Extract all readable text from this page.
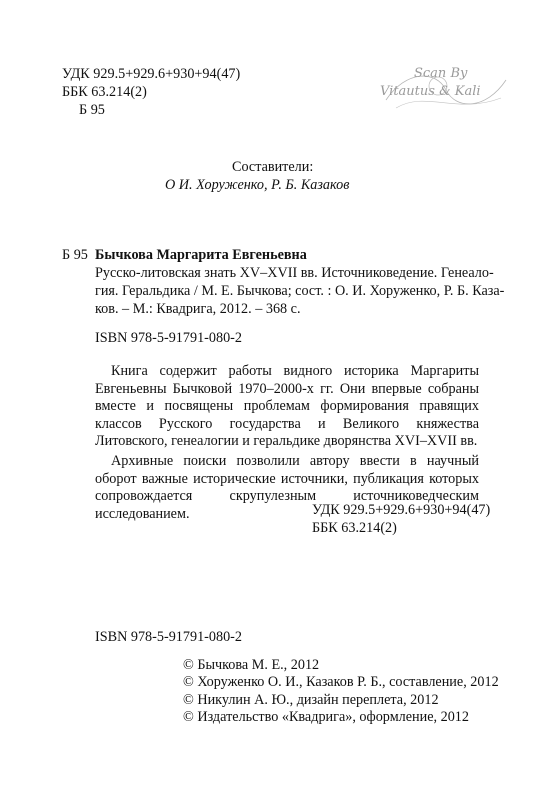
УДК 929.5+929.6+930+94(47)
ББК 63.214(2)
Б 95
Scan By
Vitautus & Kali
Составители:
О И. Хоруженко, Р. Б. Казаков
Б 95 Бычкова Маргарита Евгеньевна
Русско-литовская знать XV–XVII вв. Источниковедение. Генеало-
гия. Геральдика / М. Е. Бычкова; сост. : О. И. Хоруженко, Р. Б. Каза-
ков. – М.: Квадрига, 2012. – 368 с.
ISBN 978-5-91791-080-2

Книга содержит работы видного историка Маргариты Евгеньевны Бычковой 1970–2000-х гг. Они впервые собраны вместе и посвящены проблемам формирования правящих классов Русского государства и Великого княжества Литовского, генеалогии и геральдике дворянства XVI–XVII вв.

Архивные поиски позволили автору ввести в научный оборот важные исторические источники, публикация которых сопровождается скрупулезным источниковедческим исследованием.	УДК 929.5+929.6+930+94(47)
ББК 63.214(2)
ISBN 978-5-91791-080-2
© Бычкова М. Е., 2012
© Хоруженко О. И., Казаков Р. Б., составление, 2012
© Никулин А. Ю., дизайн переплета, 2012
© Издательство «Квадрига», оформление, 2012
